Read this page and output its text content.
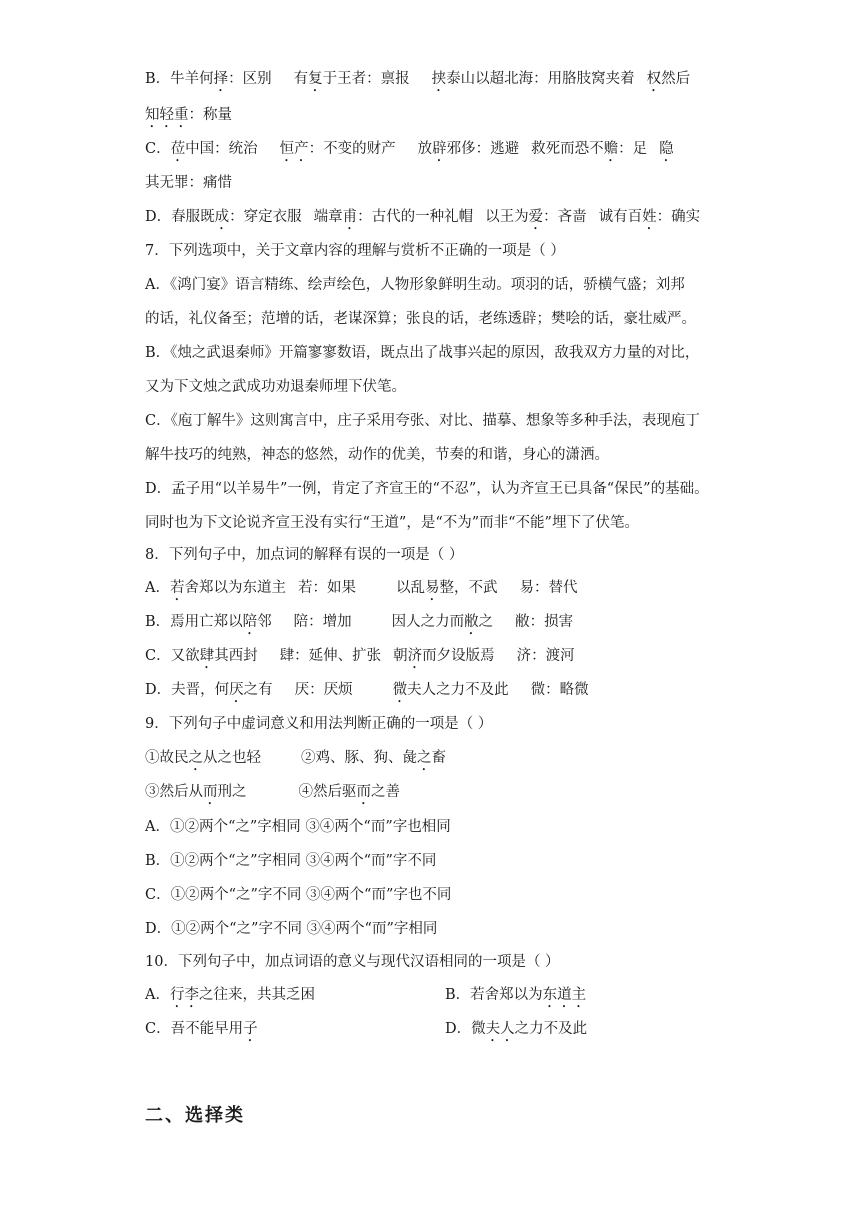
B．牛羊何择：区别 有复于王者：禀报 挟泰山以超北海：用胳肢窝夹着 权然后
知轻重：称量
C．莅中国：统治 恒产：不变的财产 放辟邪侈：逃避 救死而恐不赡：足 隐
其无罪：痛惜
D．春服既成：穿定衣服 端章甫：古代的一种礼帽 以王为爱：吝啬 诚有百姓：确实
7．下列选项中，关于文章内容的理解与赏析不正确的一项是（ ）
A．《鸿门宴》语言精练、绘声绘色，人物形象鲜明生动。项羽的话，骄横气盛；刘邦
的话，礼仪备至；范增的话，老谋深算；张良的话，老练透辟；樊哙的话，豪壮威严。
B．《烛之武退秦师》开篇寥寥数语，既点出了战事兴起的原因，敌我双方力量的对比，
又为下文烛之武成功劝退秦师埋下伏笔。
C．《庖丁解牛》这则寓言中，庄子采用夸张、对比、描摹、想象等多种手法，表现庖丁
解牛技巧的纯熟，神态的悠然，动作的优美，节奏的和谐，身心的潇洒。
D．孟子用“以羊易牛”一例，肯定了齐宣王的“不忍”，认为齐宣王已具备“保民”的基础。
同时也为下文论说齐宣王没有实行“王道”，是“不为”而非“不能”埋下了伏笔。
8．下列句子中，加点词的解释有误的一项是（ ）
A．若舍郑以为东道主 若：如果	以乱易整，不武 易：替代
B．焉用亡郑以陪邻 陪：增加	因人之力而敝之 敝：损害
C．又欲肆其西封 肆：延伸、扩张 朝济而夕设版焉 济：渡河
D．夫晋，何厌之有 厌：厌烦	微夫人之力不及此 微：略微
9．下列句子中虚词意义和用法判断正确的一项是（ ）
①故民之从之也轻	②鸡、豚、狗、彘之畜
③然后从而刑之	④然后驱而之善
A．①②两个“之”字相同 ③④两个“而”字也相同
B．①②两个“之”字相同 ③④两个“而”字不同
C．①②两个“之”字不同 ③④两个“而”字也不同
D．①②两个“之”字不同 ③④两个“而”字相同
10．下列句子中，加点词语的意义与现代汉语相同的一项是（ ）
A．行李之往来，共其乏困	B．若舍郑以为东道主
C．吾不能早用子	D．微夫人之力不及此
二、选择类
